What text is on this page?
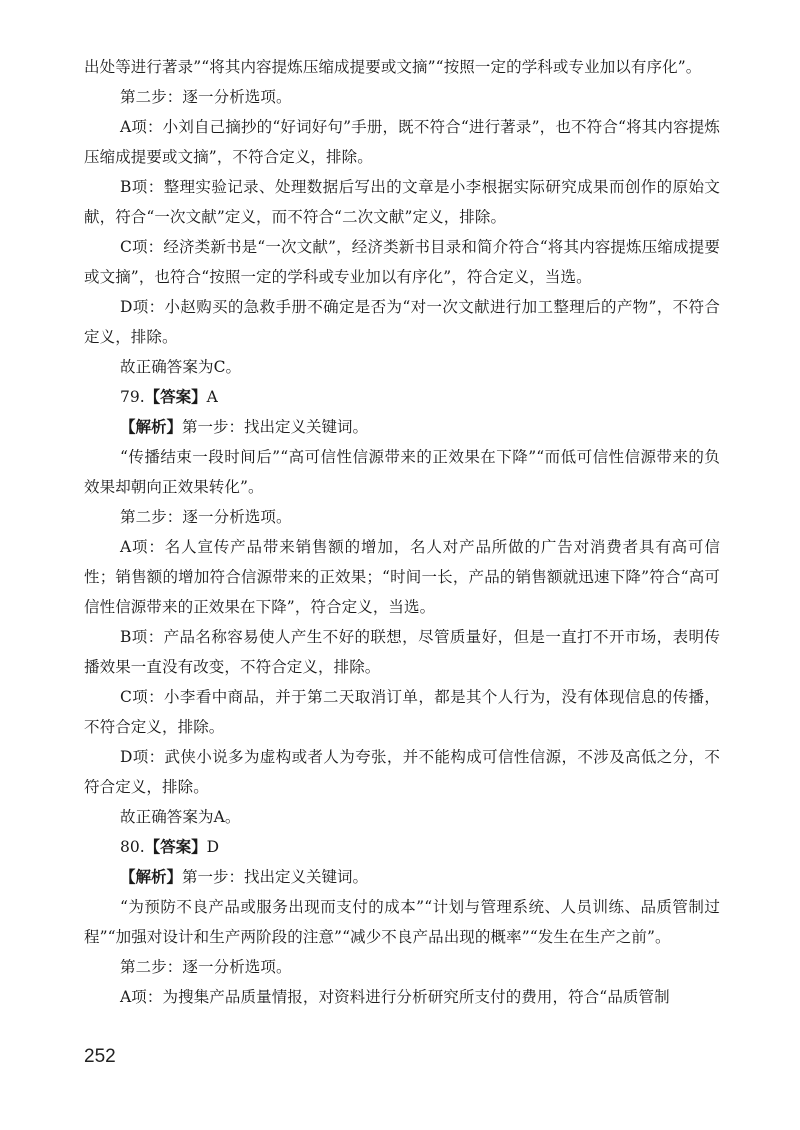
出处等进行著录”“将其内容提炼压缩成提要或文摘”“按照一定的学科或专业加以有序化”。

第二步：逐一分析选项。

A项：小刘自己摘抄的“好词好句”手册，既不符合“进行著录”，也不符合“将其内容提炼压缩成提要或文摘”，不符合定义，排除。

B项：整理实验记录、处理数据后写出的文章是小李根据实际研究成果而创作的原始文献，符合“一次文献”定义，而不符合“二次文献”定义，排除。

C项：经济类新书是“一次文献”，经济类新书目录和简介符合“将其内容提炼压缩成提要或文摘”，也符合“按照一定的学科或专业加以有序化”，符合定义，当选。

D项：小赵购买的急救手册不确定是否为“对一次文献进行加工整理后的产物”，不符合定义，排除。

故正确答案为C。

79.【答案】A

【解析】第一步：找出定义关键词。

“传播结束一段时间后”“高可信性信源带来的正效果在下降”“而低可信性信源带来的负效果却朝向正效果转化”。

第二步：逐一分析选项。

A项：名人宣传产品带来销售额的增加，名人对产品所做的广告对消费者具有高可信性；销售额的增加符合信源带来的正效果；“时间一长，产品的销售额就迅速下降”符合“高可信性信源带来的正效果在下降”，符合定义，当选。

B项：产品名称容易使人产生不好的联想，尽管质量好，但是一直打不开市场，表明传播效果一直没有改变，不符合定义，排除。

C项：小李看中商品，并于第二天取消订单，都是其个人行为，没有体现信息的传播，不符合定义，排除。

D项：武侠小说多为虚构或者人为夸张，并不能构成可信性信源，不涉及高低之分，不符合定义，排除。

故正确答案为A。

80.【答案】D

【解析】第一步：找出定义关键词。

“为预防不良产品或服务出现而支付的成本”“计划与管理系统、人员训练、品质管制过程”“加强对设计和生产两阶段的注意”“减少不良产品出现的概率”“发生在生产之前”。

第二步：逐一分析选项。

A项：为搜集产品质量情报，对资料进行分析研究所支付的费用，符合“品质管制

252
